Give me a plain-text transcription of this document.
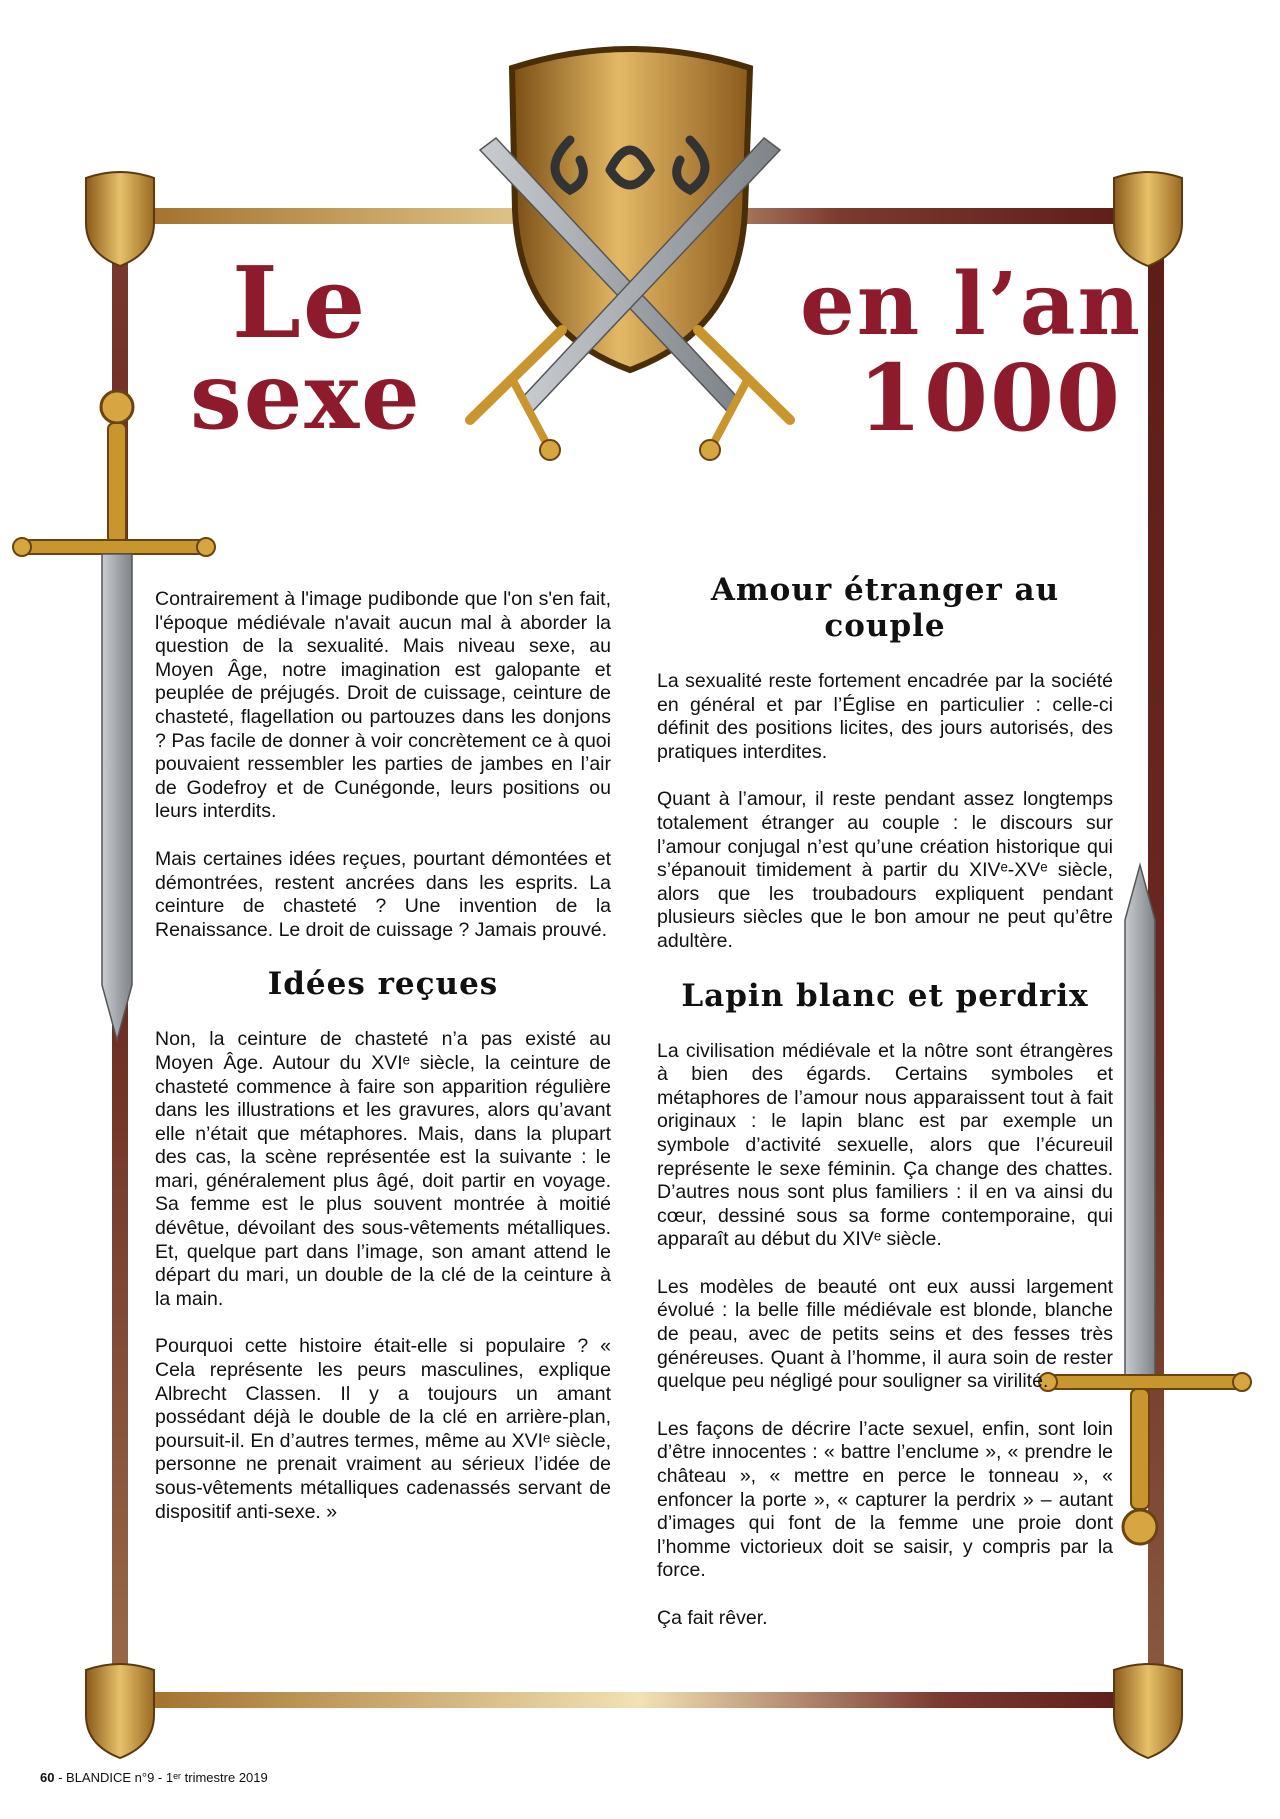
Le
sexe
en l’an
1000

Contrairement à l'image pudibonde que l'on s'en fait, l'époque médiévale n'avait aucun mal à aborder la question de la sexualité. Mais niveau sexe, au Moyen Âge, notre imagination est galopante et peuplée de préjugés. Droit de cuissage, ceinture de chasteté, flagellation ou partouzes dans les donjons ? Pas facile de donner à voir concrètement ce à quoi pouvaient ressembler les parties de jambes en l’air de Godefroy et de Cunégonde, leurs positions ou leurs interdits.

Mais certaines idées reçues, pourtant démontées et démontrées, restent ancrées dans les esprits. La ceinture de chasteté ? Une invention de la Renaissance. Le droit de cuissage ? Jamais prouvé.

Idées reçues

Non, la ceinture de chasteté n’a pas existé au Moyen Âge. Autour du XVIᵉ siècle, la ceinture de chasteté commence à faire son apparition régulière dans les illustrations et les gravures, alors qu’avant elle n’était que métaphores. Mais, dans la plupart des cas, la scène représentée est la suivante : le mari, généralement plus âgé, doit partir en voyage. Sa femme est le plus souvent montrée à moitié dévêtue, dévoilant des sous-vêtements métalliques. Et, quelque part dans l’image, son amant attend le départ du mari, un double de la clé de la ceinture à la main.

Pourquoi cette histoire était-elle si populaire ? « Cela représente les peurs masculines, explique Albrecht Classen. Il y a toujours un amant possédant déjà le double de la clé en arrière-plan, poursuit-il. En d’autres termes, même au XVIᵉ siècle, personne ne prenait vraiment au sérieux l’idée de sous-vêtements métalliques cadenassés servant de dispositif anti-sexe. »

Amour étranger au couple

La sexualité reste fortement encadrée par la société en général et par l’Église en particulier : celle-ci définit des positions licites, des jours autorisés, des pratiques interdites.

Quant à l’amour, il reste pendant assez longtemps totalement étranger au couple : le discours sur l’amour conjugal n’est qu’une création historique qui s’épanouit timidement à partir du XIVᵉ-XVᵉ siècle, alors que les troubadours expliquent pendant plusieurs siècles que le bon amour ne peut qu’être adultère.

Lapin blanc et perdrix

La civilisation médiévale et la nôtre sont étrangères à bien des égards. Certains symboles et métaphores de l’amour nous apparaissent tout à fait originaux : le lapin blanc est par exemple un symbole d’activité sexuelle, alors que l’écureuil représente le sexe féminin. Ça change des chattes. D’autres nous sont plus familiers : il en va ainsi du cœur, dessiné sous sa forme contemporaine, qui apparaît au début du XIVᵉ siècle.

Les modèles de beauté ont eux aussi largement évolué : la belle fille médiévale est blonde, blanche de peau, avec de petits seins et des fesses très généreuses. Quant à l’homme, il aura soin de rester quelque peu négligé pour souligner sa virilité.

Les façons de décrire l’acte sexuel, enfin, sont loin d’être innocentes : « battre l’enclume », « prendre le château », « mettre en perce le tonneau », « enfoncer la porte », « capturer la perdrix » – autant d’images qui font de la femme une proie dont l’homme victorieux doit se saisir, y compris par la force.

Ça fait rêver.

60 - BLANDICE n°9 - 1ᵉʳ trimestre 2019
